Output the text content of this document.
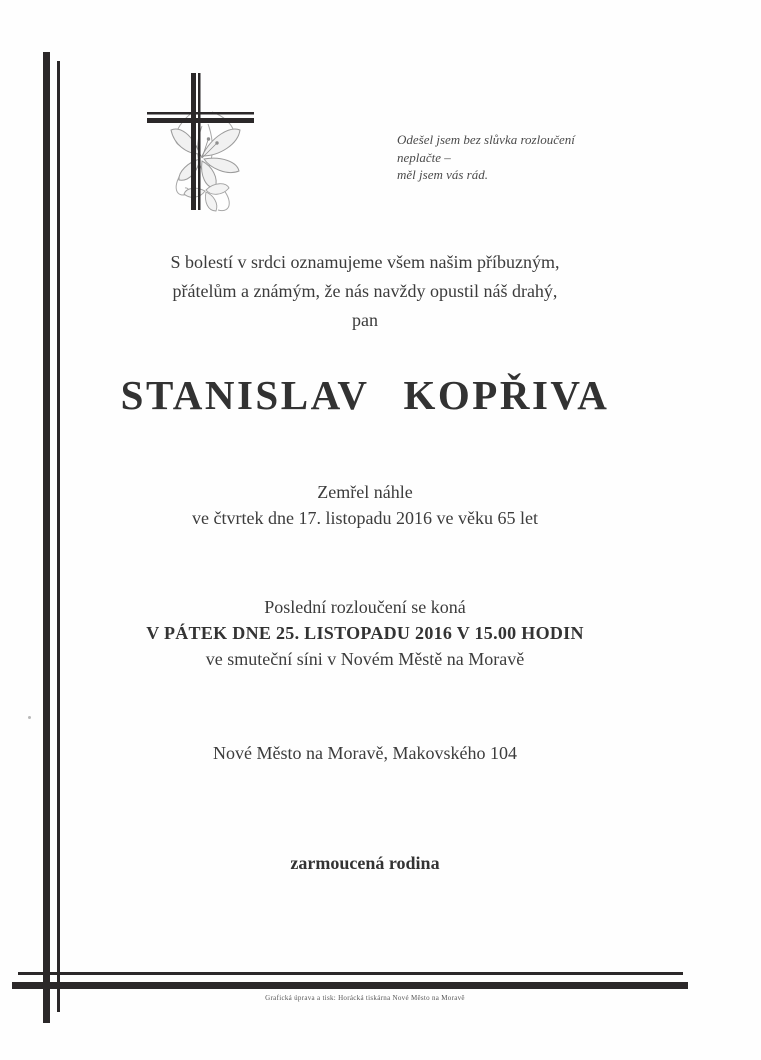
Odešel jsem bez slůvka rozloučení
neplačte –
měl jsem vás rád.
S bolestí v srdci oznamujeme všem našim příbuzným,
přátelům a známým, že nás navždy opustil náš drahý,
pan
STANISLAV KOPŘIVA
Zemřel náhle
ve čtvrtek dne 17. listopadu 2016 ve věku 65 let
Poslední rozloučení se koná
V PÁTEK DNE 25. LISTOPADU 2016 V 15.00 HODIN
ve smuteční síni v Novém Městě na Moravě
Nové Město na Moravě, Makovského 104
zarmoucená rodina
Grafická úprava a tisk: Horácká tiskárna Nové Město na Moravě
